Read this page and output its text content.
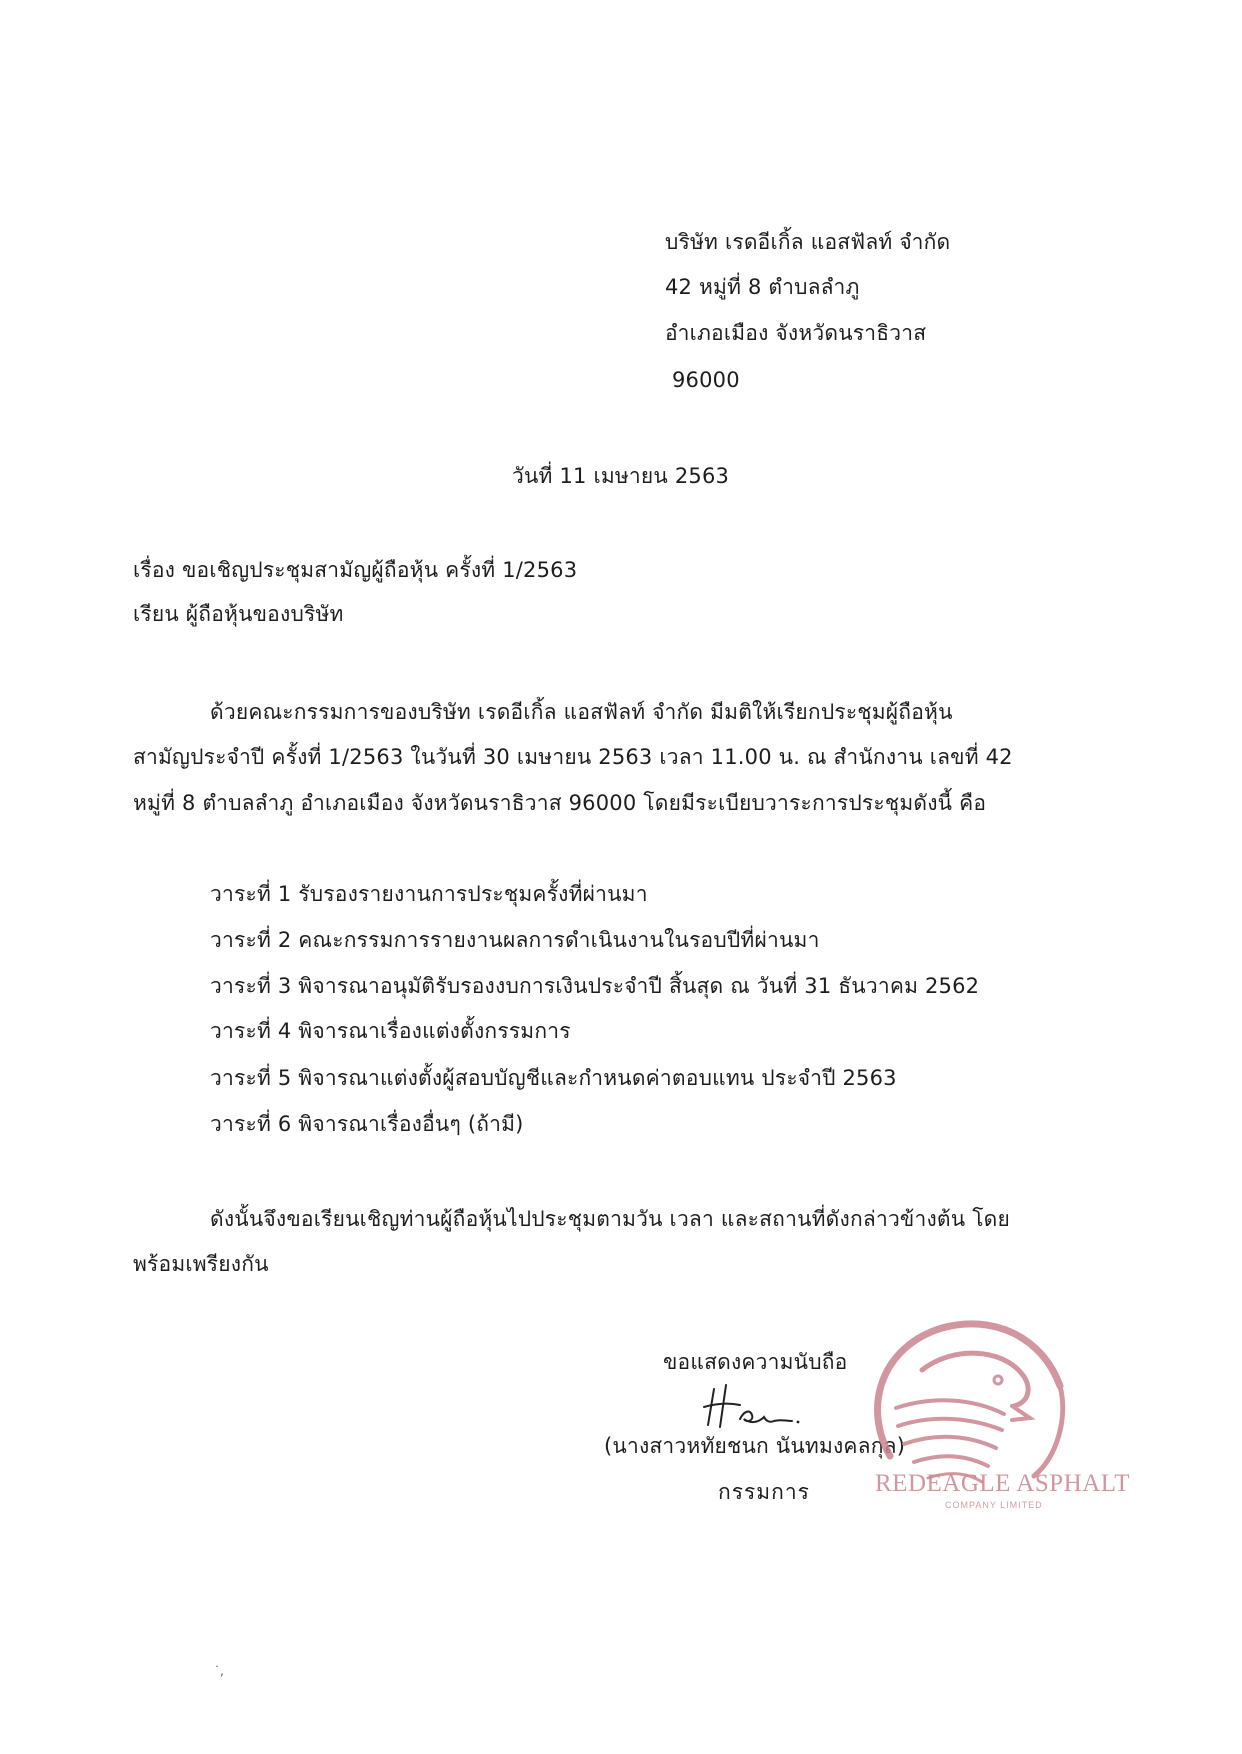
บริษัท เรดอีเกิ้ล แอสฟัลท์ จำกัด
42 หมู่ที่ 8 ตำบลลำภู
อำเภอเมือง จังหวัดนราธิวาส
96000
วันที่ 11 เมษายน 2563
เรื่อง ขอเชิญประชุมสามัญผู้ถือหุ้น ครั้งที่ 1/2563
เรียน ผู้ถือหุ้นของบริษัท
ด้วยคณะกรรมการของบริษัท เรดอีเกิ้ล แอสฟัลท์ จำกัด มีมติให้เรียกประชุมผู้ถือหุ้น
สามัญประจำปี ครั้งที่ 1/2563 ในวันที่ 30 เมษายน 2563 เวลา 11.00 น. ณ สำนักงาน เลขที่ 42
หมู่ที่ 8 ตำบลลำภู อำเภอเมือง จังหวัดนราธิวาส 96000 โดยมีระเบียบวาระการประชุมดังนี้ คือ
วาระที่ 1 รับรองรายงานการประชุมครั้งที่ผ่านมา
วาระที่ 2 คณะกรรมการรายงานผลการดำเนินงานในรอบปีที่ผ่านมา
วาระที่ 3 พิจารณาอนุมัติรับรองงบการเงินประจำปี สิ้นสุด ณ วันที่ 31 ธันวาคม 2562
วาระที่ 4 พิจารณาเรื่องแต่งตั้งกรรมการ
วาระที่ 5 พิจารณาแต่งตั้งผู้สอบบัญชีและกำหนดค่าตอบแทน ประจำปี 2563
วาระที่ 6 พิจารณาเรื่องอื่นๆ (ถ้ามี)
ดังนั้นจึงขอเรียนเชิญท่านผู้ถือหุ้นไปประชุมตามวัน เวลา และสถานที่ดังกล่าวข้างต้น โดย
พร้อมเพรียงกัน
ขอแสดงความนับถือ
(นางสาวหทัยชนก นันทมงคลกุล)
กรรมการ	REDEAGLE ASPHALT
COMPANY LIMITED
˙,
